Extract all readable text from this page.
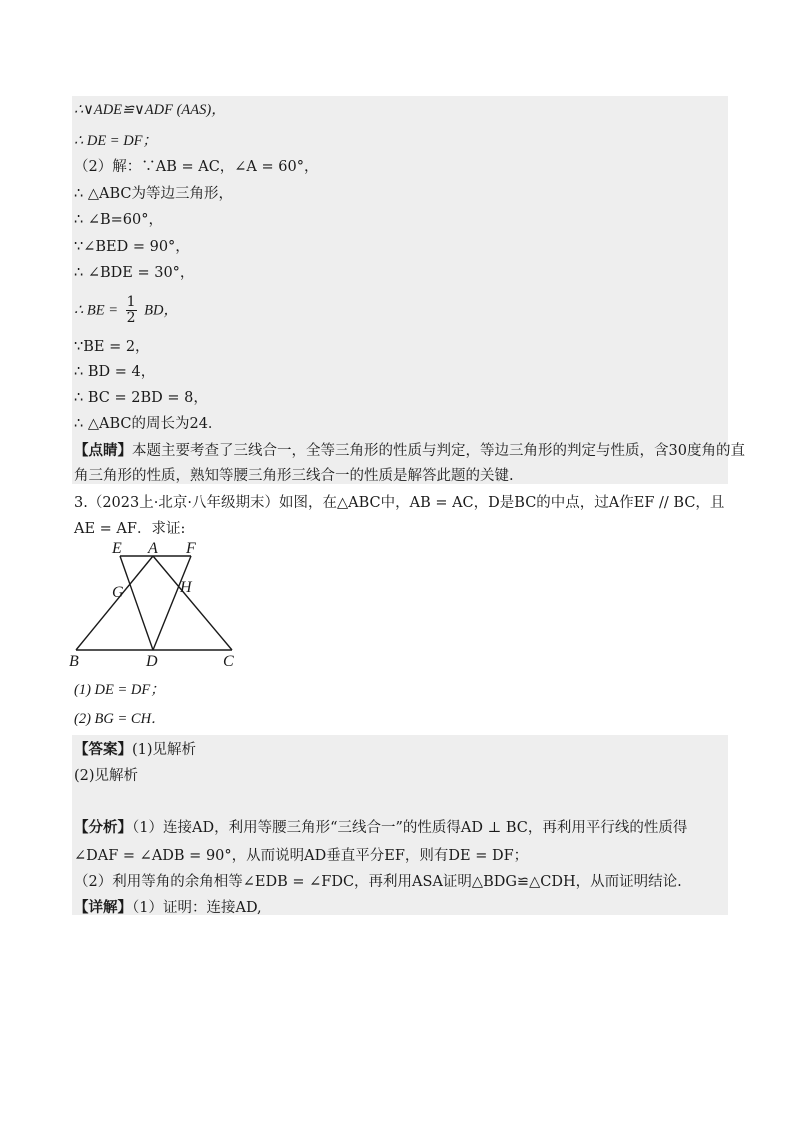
∴∨ADE≌∨ADF (AAS)，
∴ DE = DF；
（2）解：∵AB = AC，∠A = 60°，
∴ △ABC为等边三角形，
∴ ∠B=60°，
∵∠BED = 90°，
∴ ∠BDE = 30°，
∴ BE = $\frac{1}{2}$ BD，
∵BE = 2，
∴ BD = 4，
∴ BC = 2BD = 8，
∴ △ABC的周长为24．
【点睛】本题主要考查了三线合一，全等三角形的性质与判定，等边三角形的判定与性质，含30度角的直
角三角形的性质，熟知等腰三角形三线合一的性质是解答此题的关键.
3.（2023上·北京·八年级期末）如图，在△ABC中，AB = AC，D是BC的中点，过A作EF // BC，且
AE = AF．求证:
E A F
G	H
B	D	C
(1) DE = DF；
(2) BG = CH．
【答案】(1)见解析
(2)见解析
【分析】（1）连接AD，利用等腰三角形“三线合一”的性质得AD ⊥ BC，再利用平行线的性质得
∠DAF = ∠ADB = 90°，从而说明AD垂直平分EF，则有DE = DF；
（2）利用等角的余角相等∠EDB = ∠FDC，再利用ASA证明△BDG≌△CDH，从而证明结论.
【详解】（1）证明：连接AD,
